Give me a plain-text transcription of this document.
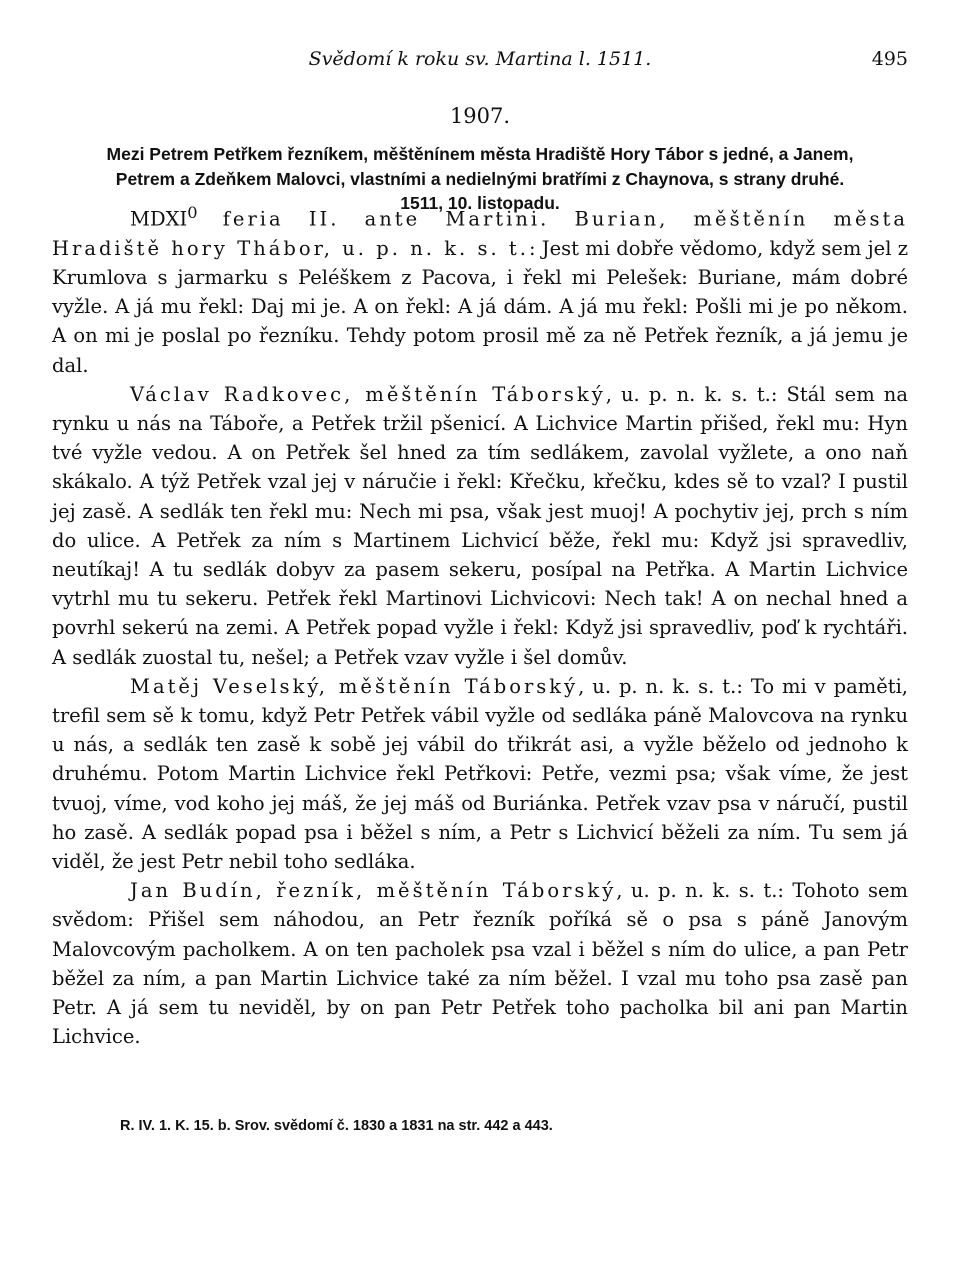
Svědomí k roku sv. Martina l. 1511.	495
1907.

Mezi Petrem Petřkem řezníkem, měštěnínem města Hradiště Hory Tábor s jedné, a Janem,

Petrem a Zdeňkem Malovci, vlastními a nedielnými bratřími z Chaynova, s strany druhé.

1511, 10. listopadu.

MDXI$^0$ feria II. ante Martini. Burian, měštěnín města Hradiště hory Thábor, u. p. n. k. s. t.: Jest mi dobře vědomo, když sem jel z Krumlova s jarmarku s Peléškem z Pacova, i řekl mi Pelešek: Buriane, mám dobré vyžle. A já mu řekl: Daj mi je. A on řekl: A já dám. A já mu řekl: Pošli mi je po někom. A on mi je poslal po řezníku. Tehdy potom prosil mě za ně Petřek řezník, a já jemu je dal.

Václav Radkovec, měštěnín Táborský, u. p. n. k. s. t.: Stál sem na rynku u nás na Táboře, a Petřek tržil pšenicí. A Lichvice Martin přišed, řekl mu: Hyn tvé vyžle vedou. A on Petřek šel hned za tím sedlákem, zavolal vyžlete, a ono naň skákalo. A týž Petřek vzal jej v náručie i řekl: Křečku, křečku, kdes sě to vzal? I pustil jej zasě. A sedlák ten řekl mu: Nech mi psa, však jest muoj! A pochytiv jej, prch s ním do ulice. A Petřek za ním s Martinem Lichvicí běže, řekl mu: Když jsi spravedliv, neutíkaj! A tu sedlák dobyv za pasem sekeru, posípal na Petřka. A Martin Lichvice vytrhl mu tu sekeru. Petřek řekl Martinovi Lichvicovi: Nech tak! A on nechal hned a povrhl sekerú na zemi. A Petřek popad vyžle i řekl: Když jsi spravedliv, poď k rychtáři. A sedlák zuostal tu, nešel; a Petřek vzav vyžle i šel domův.

Matěj Veselský, měštěnín Táborský, u. p. n. k. s. t.: To mi v paměti, trefil sem sě k tomu, když Petr Petřek vábil vyžle od sedláka páně Malovcova na rynku u nás, a sedlák ten zasě k sobě jej vábil do třikrát asi, a vyžle běželo od jednoho k druhému. Potom Martin Lichvice řekl Petřkovi: Petře, vezmi psa; však víme, že jest tvuoj, víme, vod koho jej máš, že jej máš od Buriánka. Petřek vzav psa v náručí, pustil ho zasě. A sedlák popad psa i běžel s ním, a Petr s Lichvicí běželi za ním. Tu sem já viděl, že jest Petr nebil toho sedláka.

Jan Budín, řezník, měštěnín Táborský, u. p. n. k. s. t.: Tohoto sem svědom: Přišel sem náhodou, an Petr řezník poříká sě o psa s páně Janovým Malovcovým pacholkem. A on ten pacholek psa vzal i běžel s ním do ulice, a pan Petr běžel za ním, a pan Martin Lichvice také za ním běžel. I vzal mu toho psa zasě pan Petr. A já sem tu neviděl, by on pan Petr Petřek toho pacholka bil ani pan Martin Lichvice.

R. IV. 1. K. 15. b. Srov. svědomí č. 1830 a 1831 na str. 442 a 443.
